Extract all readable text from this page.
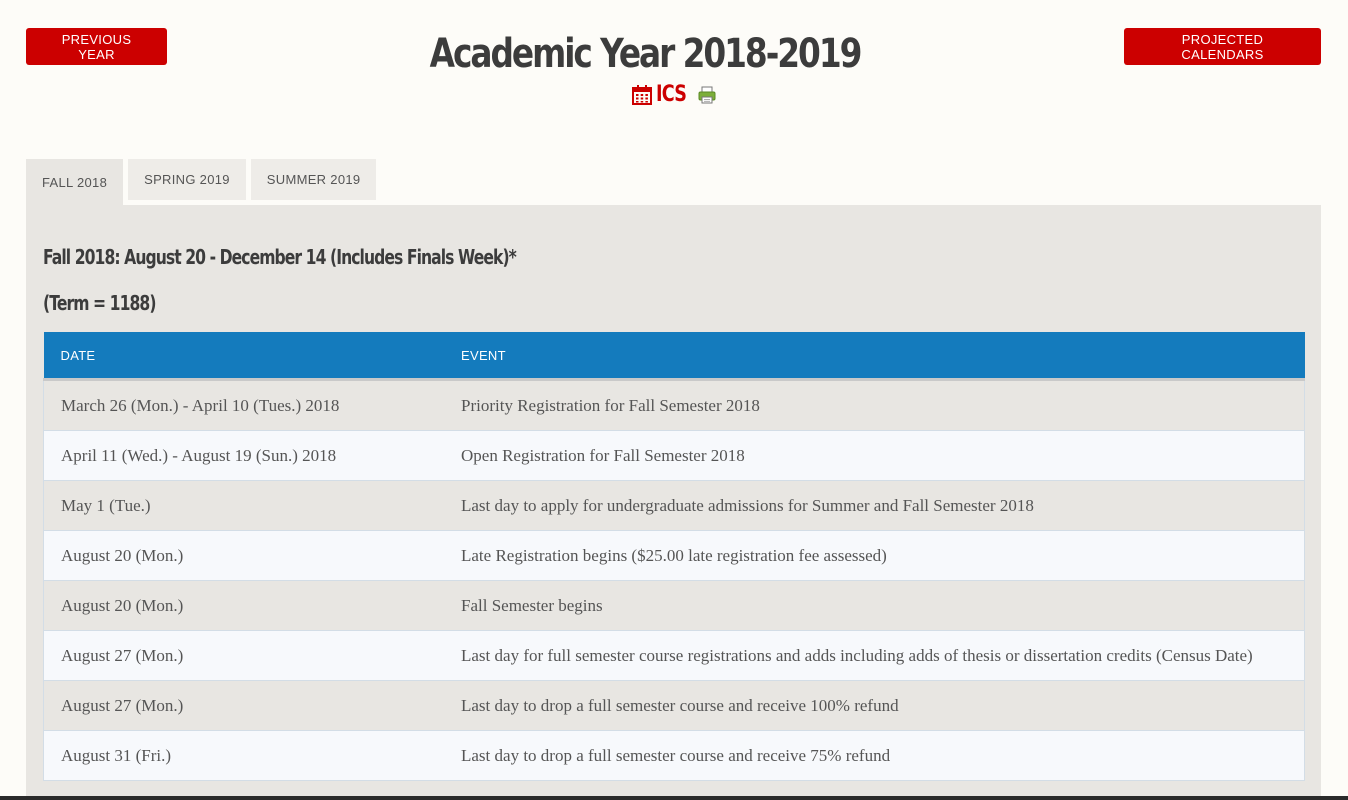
PREVIOUS YEAR	Academic Year 2018-2019
ICS
PROJECTED CALENDARS
FALL 2018	SPRING 2019	SUMMER 2019
Fall 2018: August 20 - December 14 (Includes Finals Week)*
(Term = 1188)
DATE	EVENT
March 26 (Mon.) - April 10 (Tues.) 2018	Priority Registration for Fall Semester 2018
April 11 (Wed.) - August 19 (Sun.) 2018	Open Registration for Fall Semester 2018
May 1 (Tue.)	Last day to apply for undergraduate admissions for Summer and Fall Semester 2018
August 20 (Mon.)	Late Registration begins ($25.00 late registration fee assessed)
August 20 (Mon.)	Fall Semester begins
August 27 (Mon.)	Last day for full semester course registrations and adds including adds of thesis or dissertation credits (Census Date)
August 27 (Mon.)	Last day to drop a full semester course and receive 100% refund
August 31 (Fri.)	Last day to drop a full semester course and receive 75% refund
